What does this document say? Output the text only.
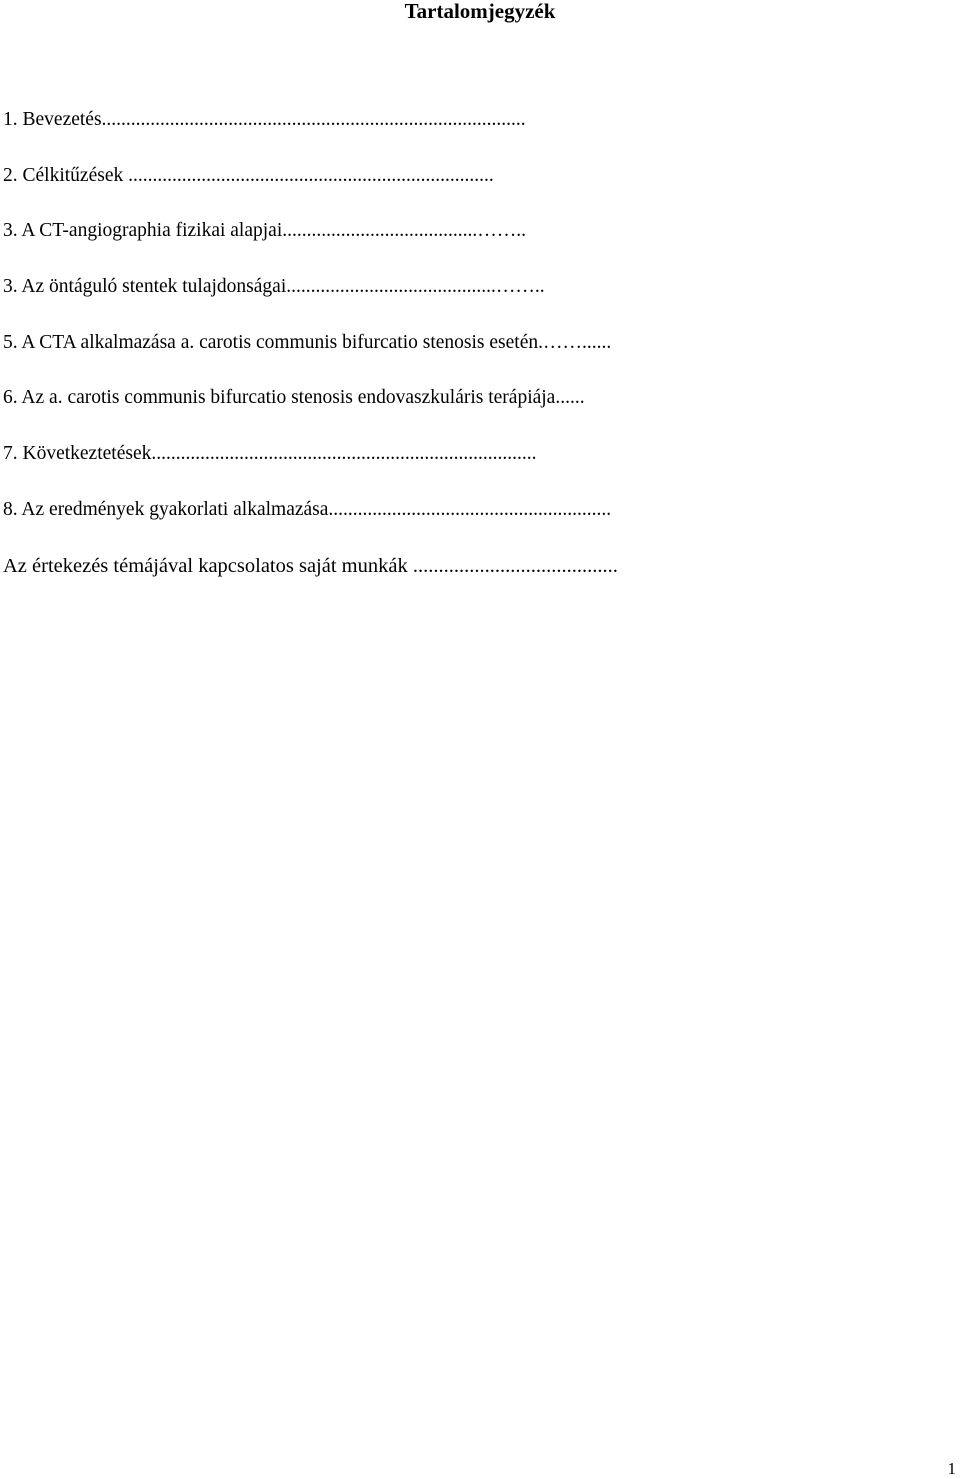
Tartalomjegyzék
1. Bevezetés.......................................................................................
2. Célkitűzések ...........................................................................
3. A CT-angiographia fizikai alapjai........................................……..
3. Az öntáguló stentek tulajdonságai...........................................……..
5. A CTA alkalmazása a. carotis communis bifurcatio stenosis esetén.……......
6. Az a. carotis communis bifurcatio stenosis endovaszkuláris terápiája......
7. Következtetések...............................................................................
8. Az eredmények gyakorlati alkalmazása..........................................................
Az értekezés témájával kapcsolatos saját munkák ........................................
1
